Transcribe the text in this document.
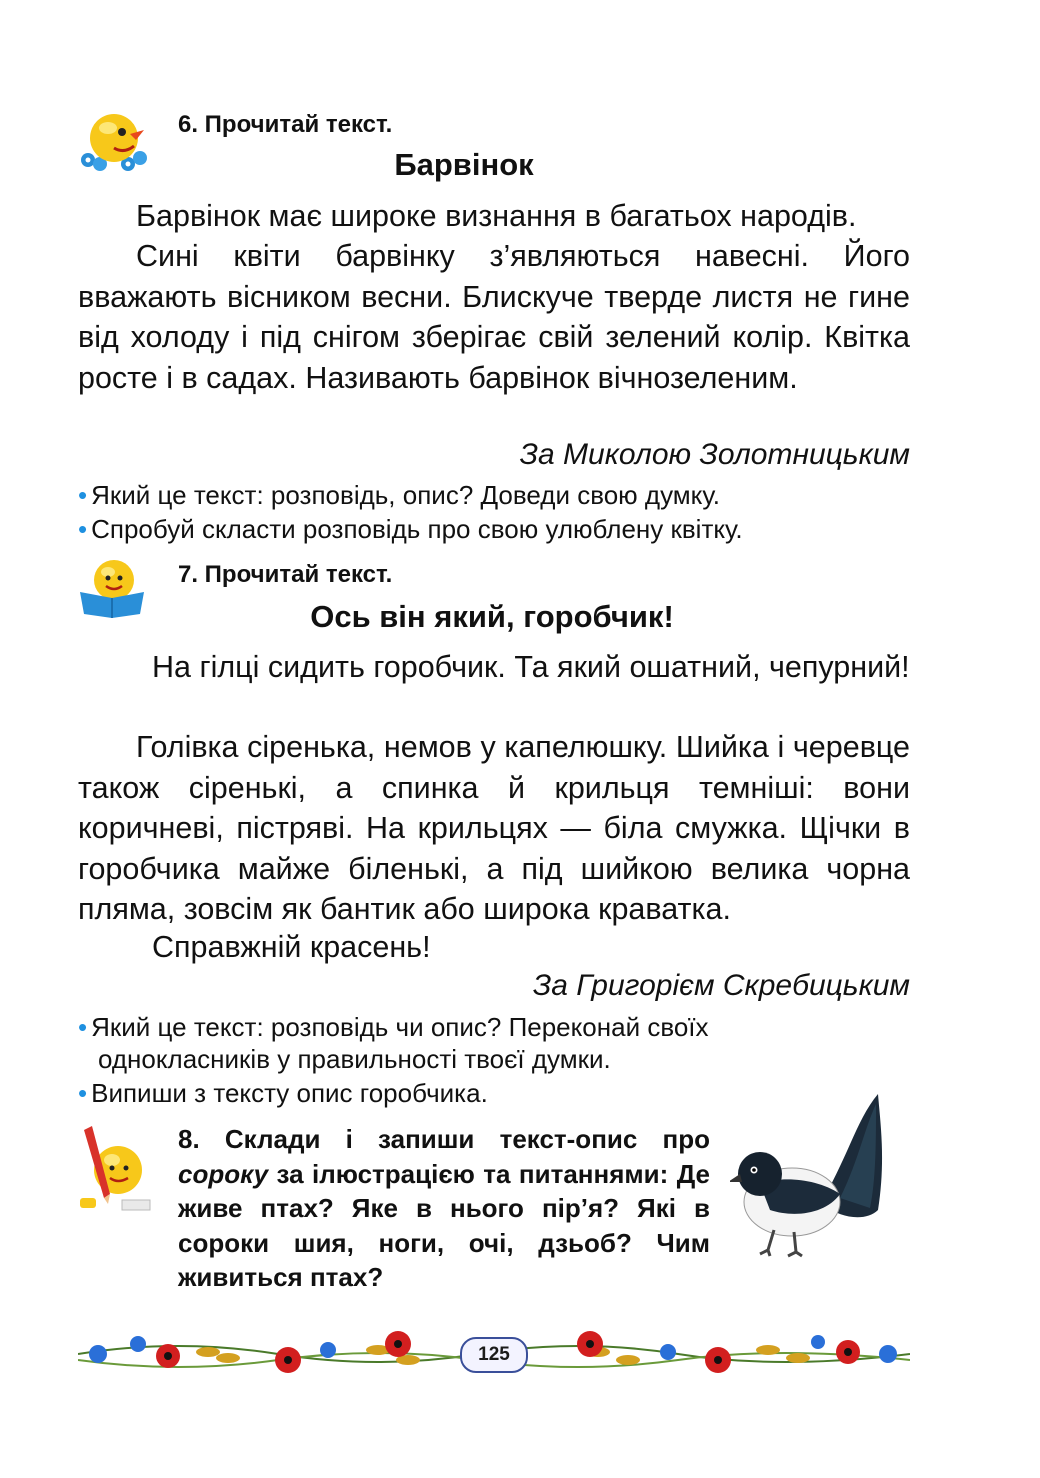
6. Прочитай текст.
Барвінок

Барвінок має широке визнання в багатьох народів.

Сині квіти барвінку з’являються навесні. Його вважають вісником весни. Блискуче тверде листя не гине від холоду і під снігом зберігає свій зелений колір. Квітка росте і в садах. Називають барвінок вічнозеленим.

За Миколою Золотницьким

• Який це текст: розповідь, опис? Доведи свою думку.

• Спробуй скласти розповідь про свою улюблену квітку.

7. Прочитай текст.
Ось він який, горобчик!

На гілці сидить горобчик. Та який ошатний, чепурний!

Голівка сіренька, немов у капелюшку. Шийка і черевце також сіренькі, а спинка й крильця темніші: вони коричневі, пістряві. На крильцях — біла смужка. Щічки в горобчика майже біленькі, а під шийкою велика чорна пляма, зовсім як бантик або широка краватка.

Справжній красень!

За Григорієм Скребицьким

• Який це текст: розповідь чи опис? Переконай своїх
однокласників у правильності твоєї думки.

• Випиши з тексту опис горобчика.

8. Склади і запиши текст-опис про сороку за ілюстрацією та питаннями: Де живе птах? Яке в нього пір’я? Які в сороки шия, ноги, очі, дзьоб? Чим живиться птах?

125
